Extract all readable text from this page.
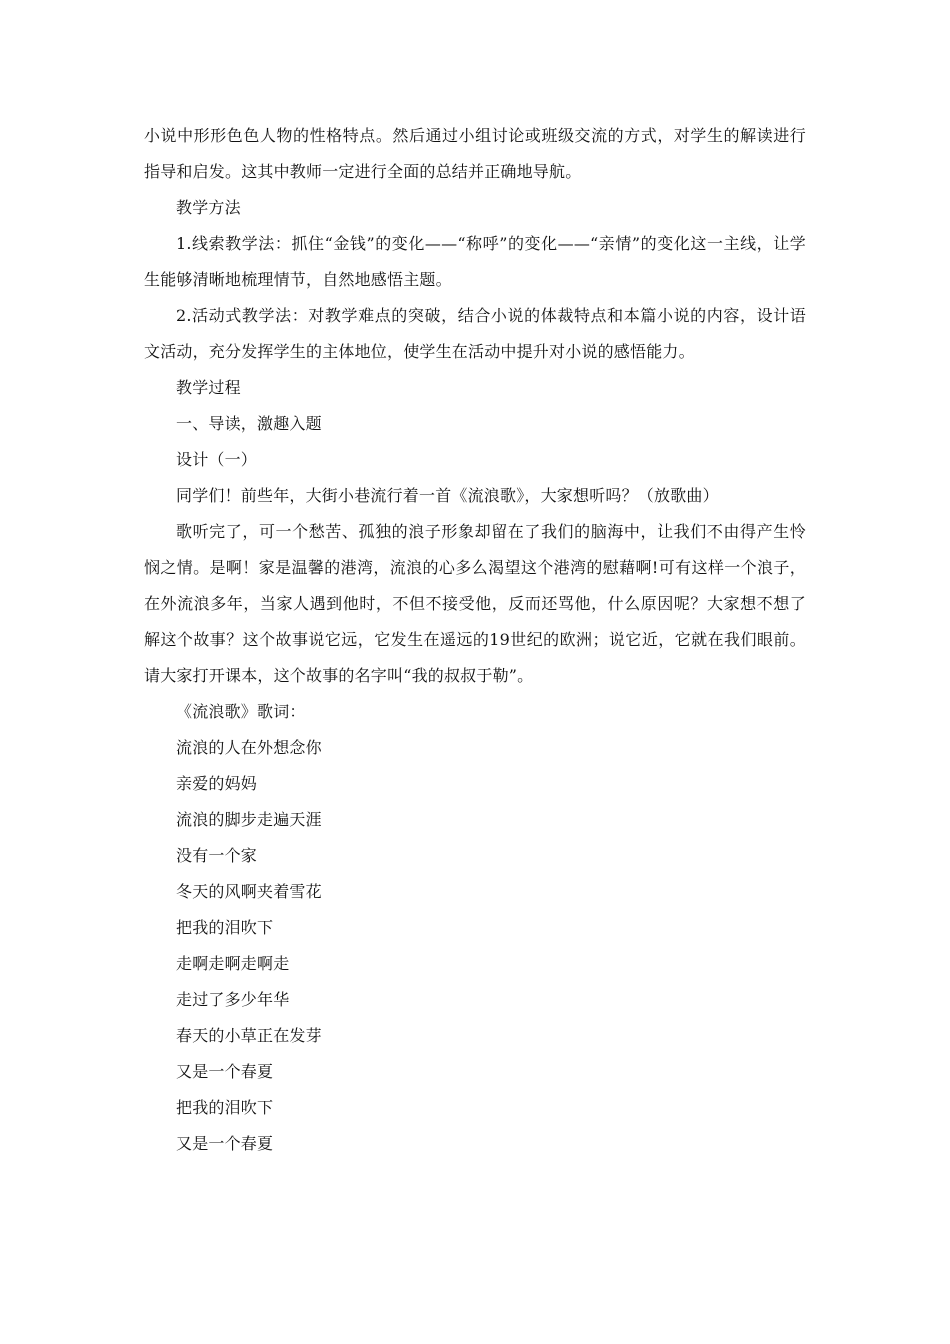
小说中形形色色人物的性格特点。然后通过小组讨论或班级交流的方式，对学生的解读进行指导和启发。这其中教师一定进行全面的总结并正确地导航。

教学方法

1.线索教学法：抓住“金钱”的变化——“称呼”的变化——“亲情”的变化这一主线，让学生能够清晰地梳理情节，自然地感悟主题。

2.活动式教学法：对教学难点的突破，结合小说的体裁特点和本篇小说的内容，设计语文活动，充分发挥学生的主体地位，使学生在活动中提升对小说的感悟能力。

教学过程

一、导读，激趣入题

设计（一）

同学们！前些年，大街小巷流行着一首《流浪歌》，大家想听吗？（放歌曲）

歌听完了，可一个愁苦、孤独的浪子形象却留在了我们的脑海中，让我们不由得产生怜悯之情。是啊！家是温馨的港湾，流浪的心多么渴望这个港湾的慰藉啊!可有这样一个浪子，在外流浪多年，当家人遇到他时，不但不接受他，反而还骂他，什么原因呢？大家想不想了解这个故事？这个故事说它远，它发生在遥远的19世纪的欧洲；说它近，它就在我们眼前。请大家打开课本，这个故事的名字叫“我的叔叔于勒”。

《流浪歌》歌词：

流浪的人在外想念你

亲爱的妈妈

流浪的脚步走遍天涯

没有一个家

冬天的风啊夹着雪花

把我的泪吹下

走啊走啊走啊走

走过了多少年华

春天的小草正在发芽

又是一个春夏

把我的泪吹下

又是一个春夏
